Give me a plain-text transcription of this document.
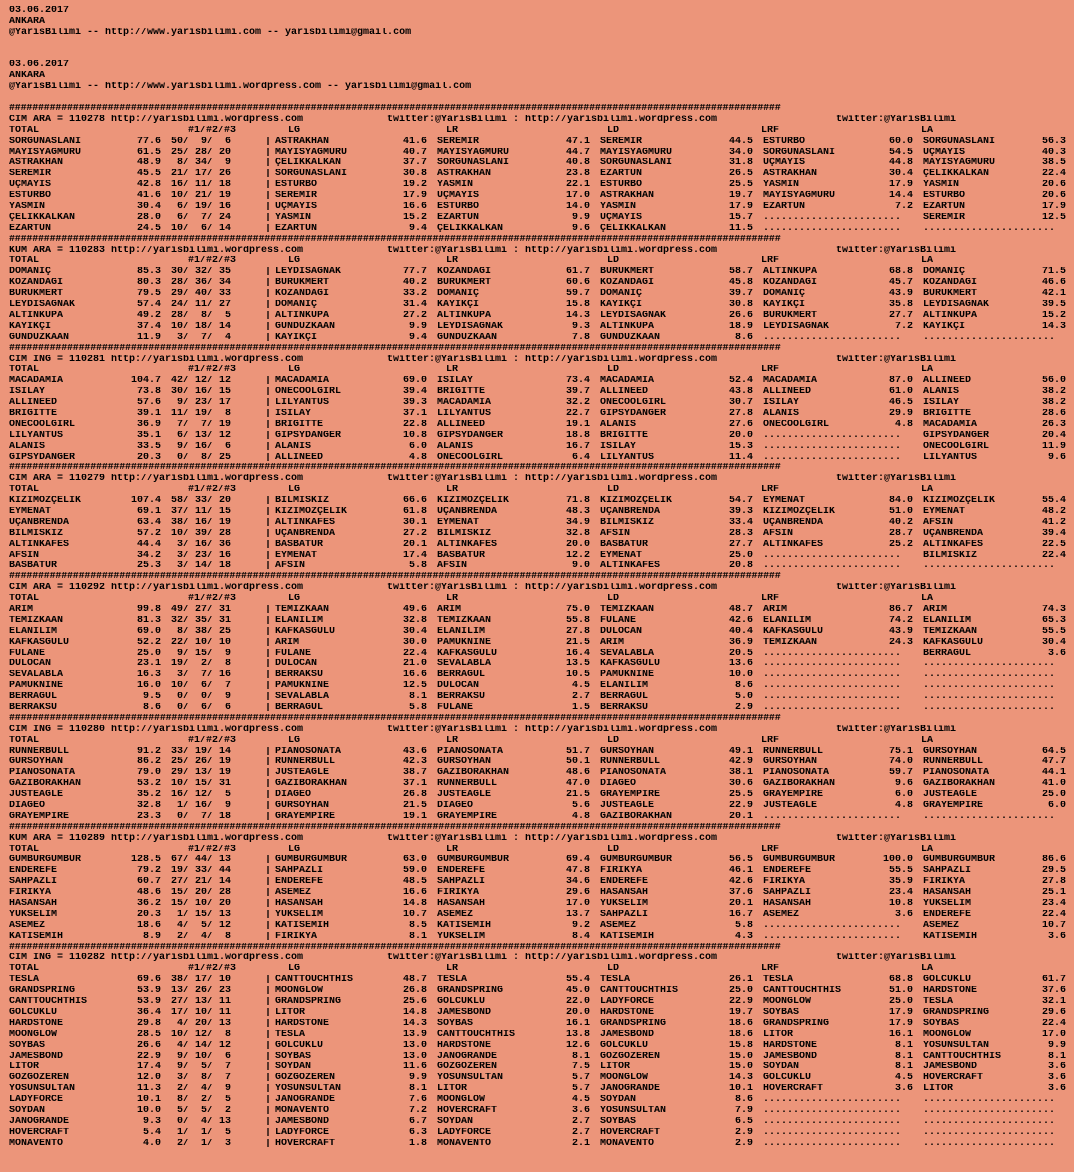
03.06.2017
ANKARA
@YarisBilimi -- http://www.yarisbilimi.com -- yarisbilimi@gmail.com
03.06.2017
ANKARA
@YarisBilimi -- http://www.yarisbilimi.wordpress.com -- yarisbilimi@gmail.com
#####################################################################################################################################
CIM ARA = 110278 http://yarisbilimi.wordpress.com	twitter:@YarisBilimi : http://yarisbilimi.wordpress.com	twitter:@YarisBilimi
TOTAL	#1/#2/#3	LG	LR	LD	LRF	LA
SORGUNASLANI	77.6 50/  9/  6	| ASTRAKHAN	41.6 SEREMIR	47.1 SEREMIR	44.5 ESTURBO	60.0 SORGUNASLANI	56.3
MAYISYAGMURU	61.5 25/ 28/ 20	| MAYISYAGMURU	40.7 MAYISYAGMURU	44.7 MAYISYAGMURU	34.0 SORGUNASLANI	54.5 UÇMAYIS	40.3
ASTRAKHAN	48.9 8/ 34/  9	| ÇELIKKALKAN	37.7 SORGUNASLANI	40.8 SORGUNASLANI	31.8 UÇMAYIS	44.8 MAYISYAGMURU	38.5
SEREMIR	45.5 21/ 17/ 26	| SORGUNASLANI	30.8 ASTRAKHAN	23.8 EZARTUN	26.5 ASTRAKHAN	30.4 ÇELIKKALKAN	22.4
UÇMAYIS	42.8 16/ 11/ 18	| ESTURBO	19.2 YASMIN	22.1 ESTURBO	25.5 YASMIN	17.9 YASMIN	20.6
ESTURBO	41.6 10/ 21/ 19	| SEREMIR	17.9 UÇMAYIS	17.0 ASTRAKHAN	19.7 MAYISYAGMURU	14.4 ESTURBO	20.6
YASMIN	30.4 6/ 19/ 16	| UÇMAYIS	16.6 ESTURBO	14.0 YASMIN	17.9 EZARTUN	7.2 EZARTUN	17.9
ÇELIKKALKAN	28.0 6/  7/ 24	| YASMIN	15.2 EZARTUN	9.9 UÇMAYIS	15.7 ....................... SEREMIR	12.5
EZARTUN	24.5 10/  6/ 14	| EZARTUN	9.4 ÇELIKKALKAN	9.6 ÇELIKKALKAN	11.5 ....................... ......................
#####################################################################################################################################
KUM ARA = 110283 http://yarisbilimi.wordpress.com	twitter:@YarisBilimi : http://yarisbilimi.wordpress.com	twitter:@YarisBilimi
TOTAL	#1/#2/#3	LG	LR	LD	LRF	LA
DOMANIÇ	85.3 30/ 32/ 35	| LEYDISAGNAK	77.7 KOZANDAGI	61.7 BURUKMERT	58.7 ALTINKUPA	68.8 DOMANIÇ	71.5
KOZANDAGI	80.3 28/ 36/ 34	| BURUKMERT	40.2 BURUKMERT	60.6 KOZANDAGI	45.8 KOZANDAGI	45.7 KOZANDAGI	46.6
BURUKMERT	79.5 29/ 40/ 33	| KOZANDAGI	33.2 DOMANIÇ	59.7 DOMANIÇ	39.7 DOMANIÇ	43.9 BURUKMERT	42.1
LEYDISAGNAK	57.4 24/ 11/ 27	| DOMANIÇ	31.4 KAYIKÇI	15.8 KAYIKÇI	30.8 KAYIKÇI	35.8 LEYDISAGNAK	39.5
ALTINKUPA	49.2 28/  8/  5	| ALTINKUPA	27.2 ALTINKUPA	14.3 LEYDISAGNAK	26.6 BURUKMERT	27.7 ALTINKUPA	15.2
KAYIKÇI	37.4 10/ 18/ 14	| GUNDUZKAAN	9.9 LEYDISAGNAK	9.3 ALTINKUPA	18.9 LEYDISAGNAK	7.2 KAYIKÇI	14.3
GUNDUZKAAN	11.9 3/  7/  4	| KAYIKÇI	9.4 GUNDUZKAAN	7.8 GUNDUZKAAN	8.6 ....................... ......................
#####################################################################################################################################
CIM ING = 110281 http://yarisbilimi.wordpress.com	twitter:@YarisBilimi : http://yarisbilimi.wordpress.com	twitter:@YarisBilimi
TOTAL	#1/#2/#3	LG	LR	LD	LRF	LA
MACADAMIA	104.7 42/ 12/ 12	| MACADAMIA	69.0 ISILAY	73.4 MACADAMIA	52.4 MACADAMIA	87.0 ALLINEED	56.0
ISILAY	73.8 30/ 16/ 15	| ONECOOLGIRL	39.4 BRIGITTE	39.7 ALLINEED	43.8 ALLINEED	61.0 ALANIS	38.2
ALLINEED	57.6 9/ 23/ 17	| LILYANTUS	39.3 MACADAMIA	32.2 ONECOOLGIRL	30.7 ISILAY	46.5 ISILAY	38.2
BRIGITTE	39.1 11/ 19/  8	| ISILAY	37.1 LILYANTUS	22.7 GIPSYDANGER	27.8 ALANIS	29.9 BRIGITTE	28.6
ONECOOLGIRL	36.9 7/  7/ 19	| BRIGITTE	22.8 ALLINEED	19.1 ALANIS	27.6 ONECOOLGIRL	4.8 MACADAMIA	26.3
LILYANTUS	35.1 6/ 13/ 12	| GIPSYDANGER	10.8 GIPSYDANGER	18.8 BRIGITTE	20.0 ....................... GIPSYDANGER	20.4
ALANIS	33.5 9/ 16/  6	| ALANIS	6.0 ALANIS	16.7 ISILAY	15.3 ....................... ONECOOLGIRL	11.9
GIPSYDANGER	20.3 0/  8/ 25	| ALLINEED	4.8 ONECOOLGIRL	6.4 LILYANTUS	11.4 ....................... LILYANTUS	9.6
#####################################################################################################################################
CIM ARA = 110279 http://yarisbilimi.wordpress.com	twitter:@YarisBilimi : http://yarisbilimi.wordpress.com	twitter:@YarisBilimi
TOTAL	#1/#2/#3	LG	LR	LD	LRF	LA
KIZIMÖZÇELIK	107.4 58/ 33/ 20	| BILMISKIZ	66.6 KIZIMÖZÇELIK	71.8 KIZIMÖZÇELIK	54.7 EYMENAT	84.0 KIZIMÖZÇELIK	55.4
EYMENAT	69.1 37/ 11/ 15	| KIZIMÖZÇELIK	61.8 UÇANBRENDA	48.3 UÇANBRENDA	39.3 KIZIMÖZÇELIK	51.0 EYMENAT	48.2
UÇANBRENDA	63.4 38/ 16/ 19	| ALTINKAFES	30.1 EYMENAT	34.9 BILMISKIZ	33.4 UÇANBRENDA	40.2 AFSIN	41.2
BILMISKIZ	57.2 10/ 39/ 28	| UÇANBRENDA	27.2 BILMISKIZ	32.8 AFSIN	28.3 AFSIN	28.7 UÇANBRENDA	39.4
ALTINKAFES	44.4 3/ 16/ 36	| BASBATUR	20.1 ALTINKAFES	20.0 BASBATUR	27.7 ALTINKAFES	25.2 ALTINKAFES	22.5
AFSIN	34.2 3/ 23/ 16	| EYMENAT	17.4 BASBATUR	12.2 EYMENAT	25.0 ....................... BILMISKIZ	22.4
BASBATUR	25.3 3/ 14/ 18	| AFSIN	5.8 AFSIN	9.0 ALTINKAFES	20.8 ....................... ......................
#####################################################################################################################################
CIM ARA = 110292 http://yarisbilimi.wordpress.com	twitter:@YarisBilimi : http://yarisbilimi.wordpress.com	twitter:@YarisBilimi
TOTAL	#1/#2/#3	LG	LR	LD	LRF	LA
ARIM	99.8 49/ 27/ 31	| TEMIZKAAN	49.6 ARIM	75.0 TEMIZKAAN	48.7 ARIM	86.7 ARIM	74.3
TEMIZKAAN	81.3 32/ 35/ 31	| ELANILIM	32.8 TEMIZKAAN	55.8 FULANE	42.6 ELANILIM	74.2 ELANILIM	65.3
ELANILIM	69.0 8/ 38/ 25	| KAFKASGULÜ	30.4 ELANILIM	27.8 DULOCAN	40.4 KAFKASGULÜ	43.9 TEMIZKAAN	55.5
KAFKASGULÜ	52.2 22/ 10/ 10	| ARIM	30.0 PAMUKNINE	21.5 ARIM	36.9 TEMIZKAAN	24.3 KAFKASGULÜ	30.4
FULANE	25.0 9/ 15/  9	| FULANE	22.4 KAFKASGULÜ	16.4 SEVALABLA	20.5 ....................... BERRAGUL	3.6
DULOCAN	23.1 19/  2/  8	| DULOCAN	21.0 SEVALABLA	13.5 KAFKASGULÜ	13.6 ....................... ......................
SEVALABLA	16.3 3/  7/ 16	| BERRAKSU	16.6 BERRAGUL	10.5 PAMUKNINE	10.0 ....................... ......................
PAMUKNINE	16.0 10/  6/  7	| PAMUKNINE	12.5 DULOCAN	4.5 ELANILIM	8.6 ....................... ......................
BERRAGUL	9.5 0/  0/  9	| SEVALABLA	8.1 BERRAKSU	2.7 BERRAGUL	5.0 ....................... ......................
BERRAKSU	8.6 0/  6/  6	| BERRAGUL	5.8 FULANE	1.5 BERRAKSU	2.9 ....................... ......................
#####################################################################################################################################
CIM ING = 110280 http://yarisbilimi.wordpress.com	twitter:@YarisBilimi : http://yarisbilimi.wordpress.com	twitter:@YarisBilimi
TOTAL	#1/#2/#3	LG	LR	LD	LRF	LA
RUNNERBULL	91.2 33/ 19/ 14	| PIANOSONATA	43.6 PIANOSONATA	51.7 GURSOYHAN	49.1 RUNNERBULL	75.1 GURSOYHAN	64.5
GURSOYHAN	86.2 25/ 26/ 19	| RUNNERBULL	42.3 GURSOYHAN	50.1 RUNNERBULL	42.9 GURSOYHAN	74.0 RUNNERBULL	47.7
PIANOSONATA	79.0 29/ 13/ 19	| JUSTEAGLE	38.7 GAZIBORAKHAN	48.6 PIANOSONATA	38.1 PIANOSONATA	59.7 PIANOSONATA	44.1
GAZIBORAKHAN	53.2 10/ 15/ 31	| GAZIBORAKHAN	37.1 RUNNERBULL	47.0 DIAGEO	30.6 GAZIBORAKHAN	9.6 GAZIBORAKHAN	41.0
JUSTEAGLE	35.2 16/ 12/  5	| DIAGEO	26.8 JUSTEAGLE	21.5 GRAYEMPIRE	25.5 GRAYEMPIRE	6.0 JUSTEAGLE	25.0
DIAGEO	32.8 1/ 16/  9	| GURSOYHAN	21.5 DIAGEO	5.6 JUSTEAGLE	22.9 JUSTEAGLE	4.8 GRAYEMPIRE	6.0
GRAYEMPIRE	23.3 0/  7/ 18	| GRAYEMPIRE	19.1 GRAYEMPIRE	4.8 GAZIBORAKHAN	20.1 ....................... ......................
#####################################################################################################################################
KUM ARA = 110289 http://yarisbilimi.wordpress.com	twitter:@YarisBilimi : http://yarisbilimi.wordpress.com	twitter:@YarisBilimi
TOTAL	#1/#2/#3	LG	LR	LD	LRF	LA
GUMBURGUMBUR	128.5 67/ 44/ 13	| GUMBURGUMBUR	63.0 GUMBURGUMBUR	69.4 GUMBURGUMBUR	56.5 GUMBURGUMBUR	100.0 GUMBURGUMBUR	86.6
ENDEREFE	79.2 19/ 33/ 44	| SAHPAZLI	59.0 ENDEREFE	47.8 FIRIKYA	46.1 ENDEREFE	55.5 SAHPAZLI	29.5
SAHPAZLI	60.7 27/ 21/ 14	| ENDEREFE	48.5 SAHPAZLI	34.6 ENDEREFE	42.6 FIRIKYA	35.9 FIRIKYA	27.8
FIRIKYA	48.6 15/ 20/ 28	| ASEMEZ	16.6 FIRIKYA	29.6 HASANSAH	37.6 SAHPAZLI	23.4 HASANSAH	25.1
HASANSAH	36.2 15/ 10/ 20	| HASANSAH	14.8 HASANSAH	17.0 YUKSELIM	20.1 HASANSAH	10.8 YUKSELIM	23.4
YUKSELIM	20.3 1/ 15/ 13	| YUKSELIM	10.7 ASEMEZ	13.7 SAHPAZLI	16.7 ASEMEZ	3.6 ENDEREFE	22.4
ASEMEZ	18.6 4/  5/ 12	| KATISEMIH	8.5 KATISEMIH	9.2 ASEMEZ	5.8 ....................... ASEMEZ	10.7
KATISEMIH	8.9 2/  4/  8	| FIRIKYA	8.1 YUKSELIM	8.4 KATISEMIH	4.3 ....................... KATISEMIH	3.6
#####################################################################################################################################
CIM ING = 110282 http://yarisbilimi.wordpress.com	twitter:@YarisBilimi : http://yarisbilimi.wordpress.com	twitter:@YarisBilimi
TOTAL	#1/#2/#3	LG	LR	LD	LRF	LA
TESLA	69.6 38/ 17/ 10	| CANTTOUCHTHIS	48.7 TESLA	55.4 TESLA	26.1 TESLA	68.8 GOLCUKLU	61.7
GRANDSPRING	53.9 13/ 26/ 23	| MOONGLOW	26.8 GRANDSPRING	45.0 CANTTOUCHTHIS	25.0 CANTTOUCHTHIS	51.0 HARDSTONE	37.6
CANTTOUCHTHIS	53.9 27/ 13/ 11	| GRANDSPRING	25.6 GOLCUKLU	22.0 LADYFORCE	22.9 MOONGLOW	25.0 TESLA	32.1
GOLCUKLU	36.4 17/ 10/ 11	| LITOR	14.8 JAMESBOND	20.0 HARDSTONE	19.7 SOYBAS	17.9 GRANDSPRING	29.6
HARDSTONE	29.8 4/ 20/ 13	| HARDSTONE	14.3 SOYBAS	16.1 GRANDSPRING	18.6 GRANDSPRING	17.9 SOYBAS	22.4
MOONGLOW	28.5 10/ 12/  8	| TESLA	13.9 CANTTOUCHTHIS	13.8 JAMESBOND	18.6 LITOR	16.1 MOONGLOW	17.0
SOYBAS	26.6 4/ 14/ 12	| GOLCUKLU	13.0 HARDSTONE	12.6 GOLCUKLU	15.8 HARDSTONE	8.1 YOSUNSULTAN	9.9
JAMESBOND	22.9 9/ 10/  6	| SOYBAS	13.0 JANOGRANDE	8.1 GOZGOZEREN	15.0 JAMESBOND	8.1 CANTTOUCHTHIS	8.1
LITOR	17.4 9/  5/  7	| SOYDAN	11.6 GOZGOZEREN	7.5 LITOR	15.0 SOYDAN	8.1 JAMESBOND	3.6
GOZGOZEREN	12.0 3/  8/  7	| GOZGOZEREN	9.9 YOSUNSULTAN	5.7 MOONGLOW	14.3 GOLCUKLU	4.5 HOVERCRAFT	3.6
YOSUNSULTAN	11.3 2/  4/  9	| YOSUNSULTAN	8.1 LITOR	5.7 JANOGRANDE	10.1 HOVERCRAFT	3.6 LITOR	3.6
LADYFORCE	10.1 8/  2/  5	| JANOGRANDE	7.6 MOONGLOW	4.5 SOYDAN	8.6 ....................... ......................
SOYDAN	10.0 5/  5/  2	| MONAVENTO	7.2 HOVERCRAFT	3.6 YOSUNSULTAN	7.9 ....................... ......................
JANOGRANDE	9.3 0/  4/ 13	| JAMESBOND	6.7 SOYDAN	2.7 SOYBAS	6.5 ....................... ......................
HOVERCRAFT	5.4 1/  1/  5	| LADYFORCE	6.3 LADYFORCE	2.7 HOVERCRAFT	2.9 ....................... ......................
MONAVENTO	4.0 2/  1/  3	| HOVERCRAFT	1.8 MONAVENTO	2.1 MONAVENTO	2.9 ....................... ......................
